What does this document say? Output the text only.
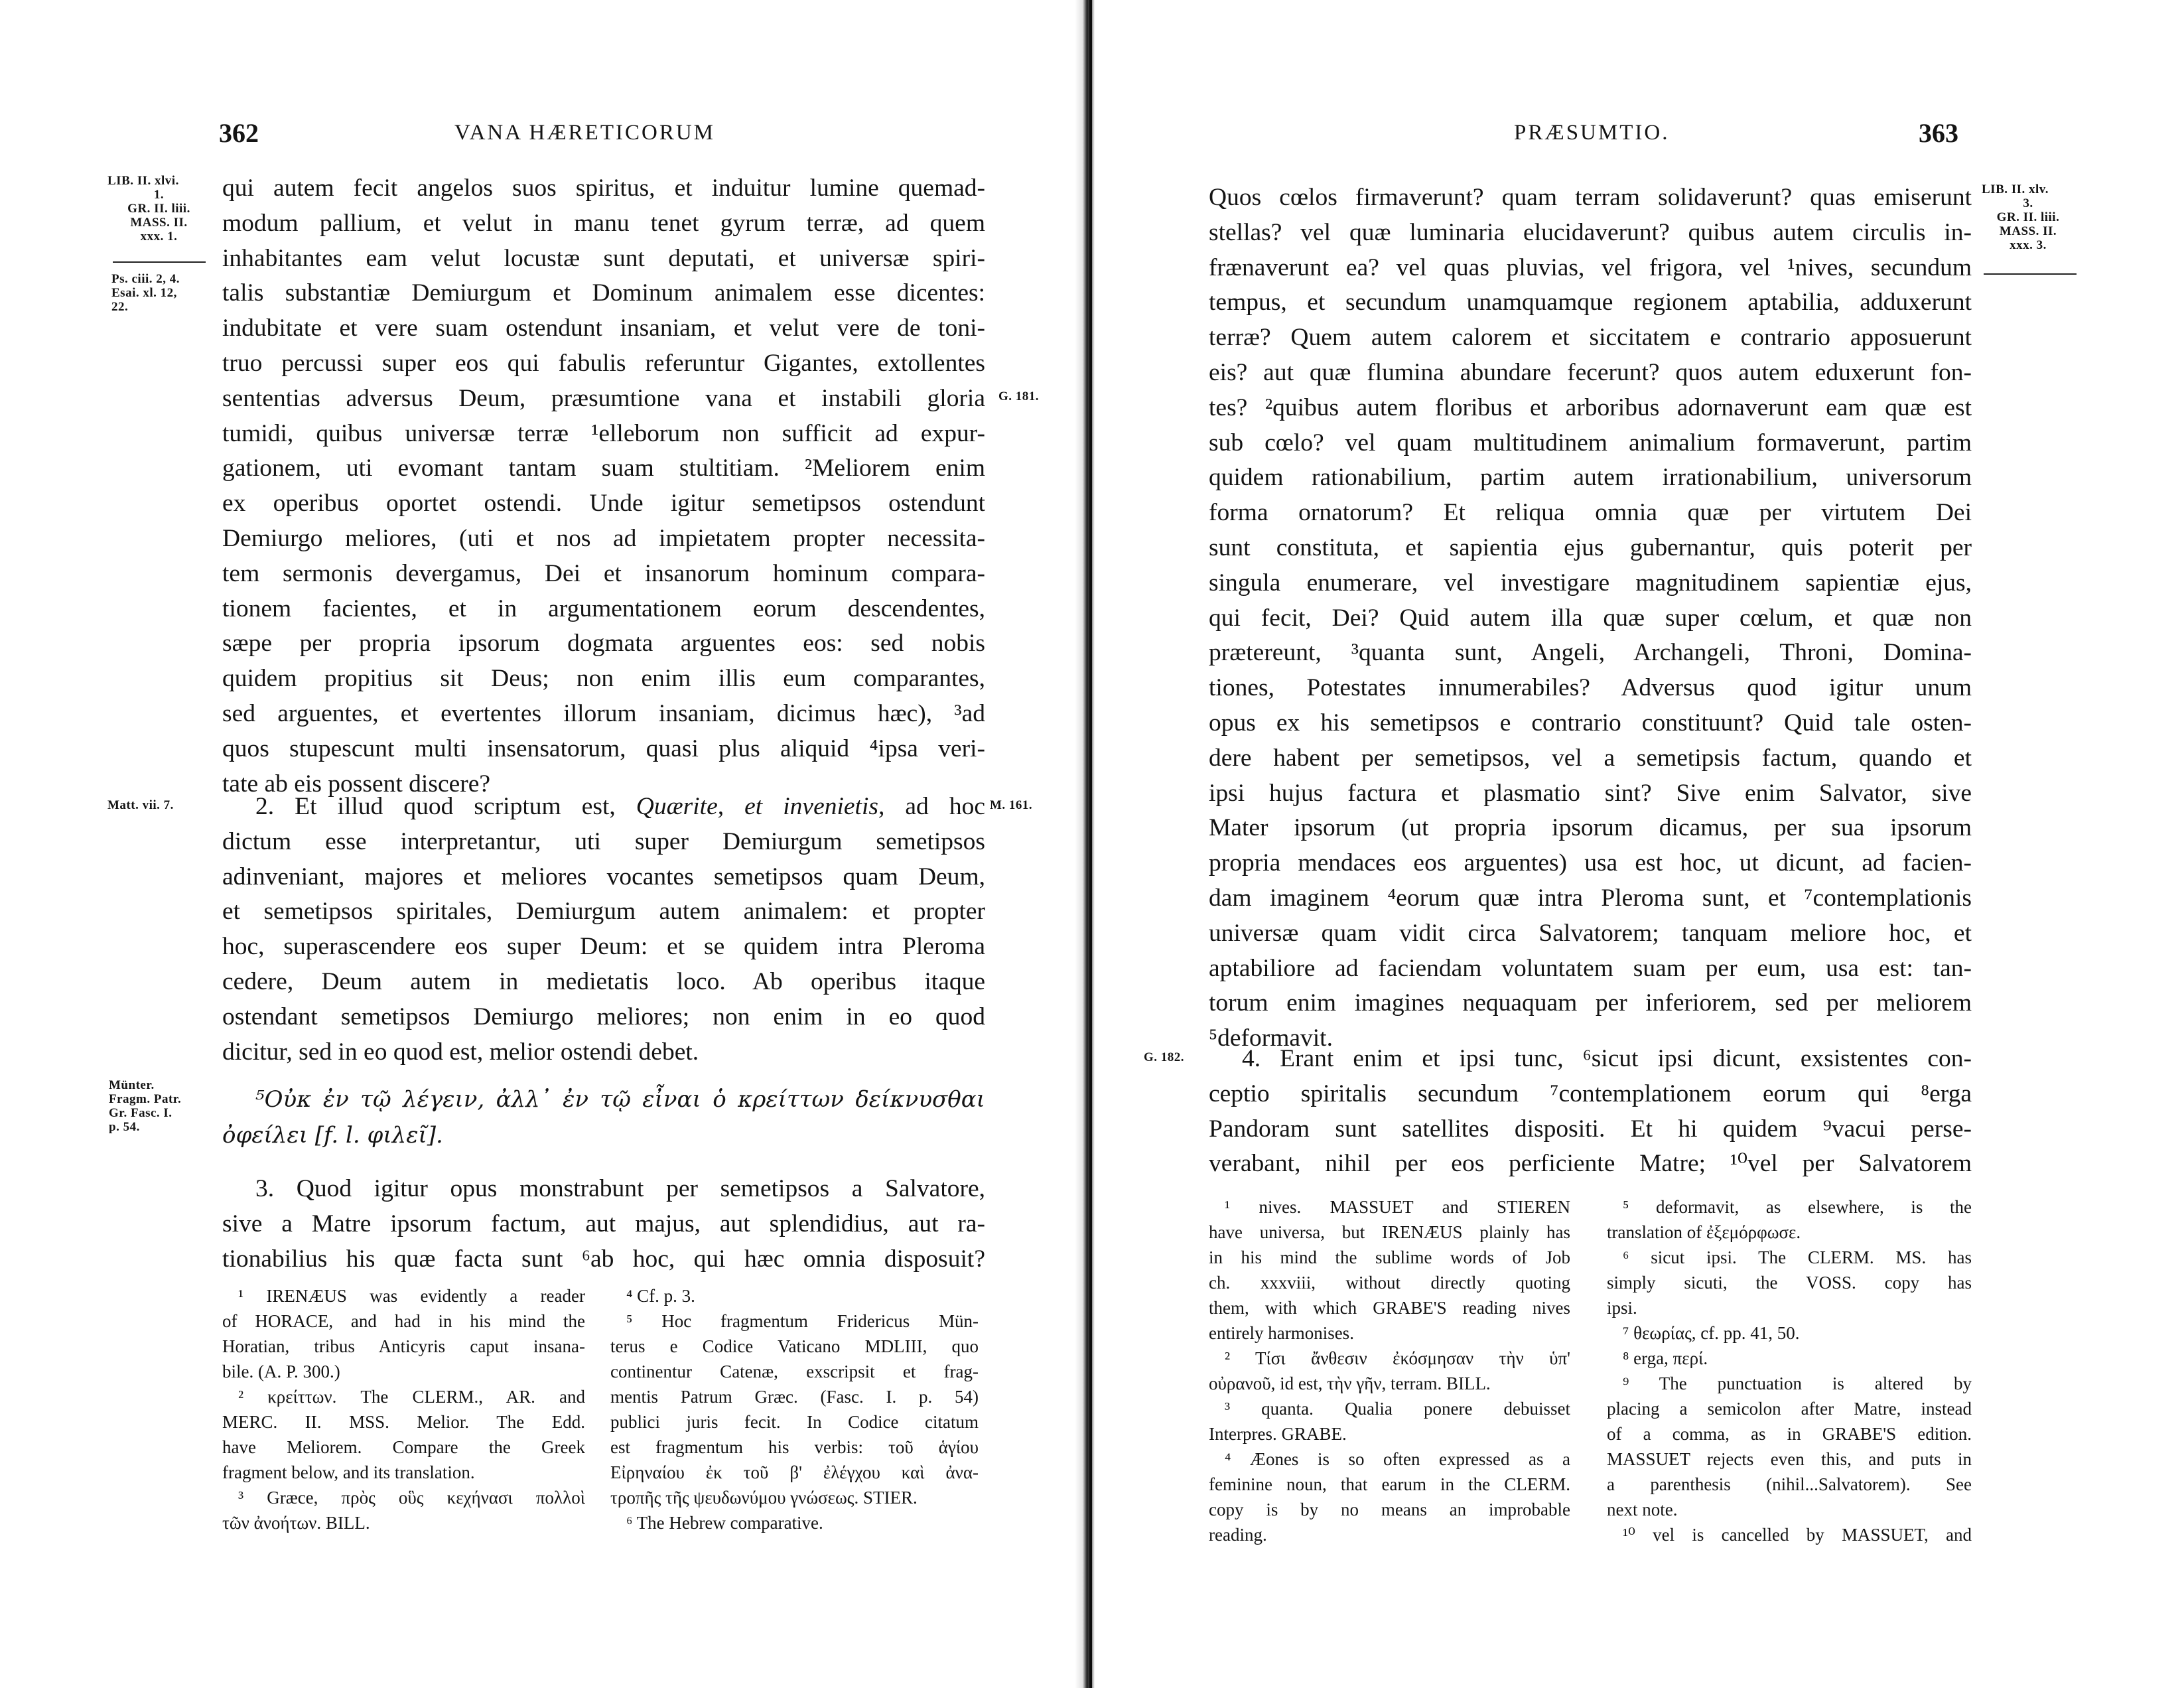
362	VANA HÆRETICORUM
LIB. II. xlvi.
1.
GR. II. liii.
MASS. II.
xxx. 1.
Ps. ciii. 2, 4.
Esai. xl. 12,
22.
G. 181.
Matt. vii. 7.	M. 161.
Münter.
Fragm. Patr.
Gr. Fasc. I.
p. 54.
qui autem fecit angelos suos spiritus, et induitur lumine quemad-
modum pallium, et velut in manu tenet gyrum terræ, ad quem
inhabitantes eam velut locustæ sunt deputati, et universæ spiri-
talis substantiæ Demiurgum et Dominum animalem esse dicentes:
indubitate et vere suam ostendunt insaniam, et velut vere de toni-
truo percussi super eos qui fabulis referuntur Gigantes, extollentes
sententias adversus Deum, præsumtione vana et instabili gloria
tumidi, quibus universæ terræ ¹elleborum non sufficit ad expur-
gationem, uti evomant tantam suam stultitiam. ²Meliorem enim
ex operibus oportet ostendi. Unde igitur semetipsos ostendunt
Demiurgo meliores, (uti et nos ad impietatem propter necessita-
tem sermonis devergamus, Dei et insanorum hominum compara-
tionem facientes, et in argumentationem eorum descendentes,
sæpe per propria ipsorum dogmata arguentes eos: sed nobis
quidem propitius sit Deus; non enim illis eum comparantes,
sed arguentes, et evertentes illorum insaniam, dicimus hæc), ³ad
quos stupescunt multi insensatorum, quasi plus aliquid ⁴ipsa veri-
tate ab eis possent discere?
2. Et illud quod scriptum est, Quærite, et invenietis, ad hoc
dictum esse interpretantur, uti super Demiurgum semetipsos
adinveniant, majores et meliores vocantes semetipsos quam Deum,
et semetipsos spiritales, Demiurgum autem animalem: et propter
hoc, superascendere eos super Deum: et se quidem intra Pleroma
cedere, Deum autem in medietatis loco. Ab operibus itaque
ostendant semetipsos Demiurgo meliores; non enim in eo quod
dicitur, sed in eo quod est, melior ostendi debet.
⁵Οὐκ ἐν τῷ λέγειν, ἀλλ᾽ ἐν τῷ εἶναι ὁ κρείττων δείκνυσθαι
ὀφείλει [f. l. φιλεῖ].
3. Quod igitur opus monstrabunt per semetipsos a Salvatore,
sive a Matre ipsorum factum, aut majus, aut splendidius, aut ra-
tionabilius his quæ facta sunt ⁶ab hoc, qui hæc omnia disposuit?
¹ IRENÆUS was evidently a reader
of HORACE, and had in his mind the
Horatian, tribus Anticyris caput insana-
bile. (A. P. 300.)
² κρείττων. The CLERM., AR. and
MERC. II. MSS. Melior. The Edd.
have Meliorem. Compare the Greek
fragment below, and its translation.
³ Græce, πρὸς οὓς κεχήνασι πολλοὶ
τῶν ἀνοήτων. BILL.
⁴ Cf. p. 3.
⁵ Hoc fragmentum Fridericus Mün-
terus e Codice Vaticano MDLIII, quo
continentur Catenæ, exscripsit et frag-
mentis Patrum Græc. (Fasc. I. p. 54)
publici juris fecit. In Codice citatum
est fragmentum his verbis: τοῦ ἁγίου
Εἰρηναίου ἐκ τοῦ β' ἐλέγχου καὶ ἀνα-
τροπῆς τῆς ψευδωνύμου γνώσεως. STIER.
⁶ The Hebrew comparative.
PRÆSUMTIO.	363
LIB. II. xlv.
3.
GR. II. liii.
MASS. II.
xxx. 3.
G. 182.
Quos cœlos firmaverunt? quam terram solidaverunt? quas emiserunt
stellas? vel quæ luminaria elucidaverunt? quibus autem circulis in-
frænaverunt ea? vel quas pluvias, vel frigora, vel ¹nives, secundum
tempus, et secundum unamquamque regionem aptabilia, adduxerunt
terræ? Quem autem calorem et siccitatem e contrario apposuerunt
eis? aut quæ flumina abundare fecerunt? quos autem eduxerunt fon-
tes? ²quibus autem floribus et arboribus adornaverunt eam quæ est
sub cœlo? vel quam multitudinem animalium formaverunt, partim
quidem rationabilium, partim autem irrationabilium, universorum
forma ornatorum? Et reliqua omnia quæ per virtutem Dei
sunt constituta, et sapientia ejus gubernantur, quis poterit per
singula enumerare, vel investigare magnitudinem sapientiæ ejus,
qui fecit, Dei? Quid autem illa quæ super cœlum, et quæ non
prætereunt, ³quanta sunt, Angeli, Archangeli, Throni, Domina-
tiones, Potestates innumerabiles? Adversus quod igitur unum
opus ex his semetipsos e contrario constituunt? Quid tale osten-
dere habent per semetipsos, vel a semetipsis factum, quando et
ipsi hujus factura et plasmatio sint? Sive enim Salvator, sive
Mater ipsorum (ut propria ipsorum dicamus, per sua ipsorum
propria mendaces eos arguentes) usa est hoc, ut dicunt, ad facien-
dam imaginem ⁴eorum quæ intra Pleroma sunt, et ⁷contemplationis
universæ quam vidit circa Salvatorem; tanquam meliore hoc, et
aptabiliore ad faciendam voluntatem suam per eum, usa est: tan-
torum enim imagines nequaquam per inferiorem, sed per meliorem
⁵deformavit.
4. Erant enim et ipsi tunc, ⁶sicut ipsi dicunt, exsistentes con-
ceptio spiritalis secundum ⁷contemplationem eorum qui ⁸erga
Pandoram sunt satellites dispositi. Et hi quidem ⁹vacui perse-
verabant, nihil per eos perficiente Matre; ¹⁰vel per Salvatorem
¹ nives. MASSUET and STIEREN
have universa, but IRENÆUS plainly has
in his mind the sublime words of Job
ch. xxxviii, without directly quoting
them, with which GRABE'S reading nives
entirely harmonises.
² Τίσι ἄνθεσιν ἐκόσμησαν τὴν ὑπ'
οὐρανοῦ, id est, τὴν γῆν, terram. BILL.
³ quanta. Qualia ponere debuisset
Interpres. GRABE.
⁴ Æones is so often expressed as a
feminine noun, that earum in the CLERM.
copy is by no means an improbable
reading.
⁵ deformavit, as elsewhere, is the
translation of ἐξεμόρφωσε.
⁶ sicut ipsi. The CLERM. MS. has
simply sicuti, the VOSS. copy has
ipsi.
⁷ θεωρίας, cf. pp. 41, 50.
⁸ erga, περί.
⁹ The punctuation is altered by
placing a semicolon after Matre, instead
of a comma, as in GRABE'S edition.
MASSUET rejects even this, and puts in
a parenthesis (nihil...Salvatorem). See
next note.
¹⁰ vel is cancelled by MASSUET, and
